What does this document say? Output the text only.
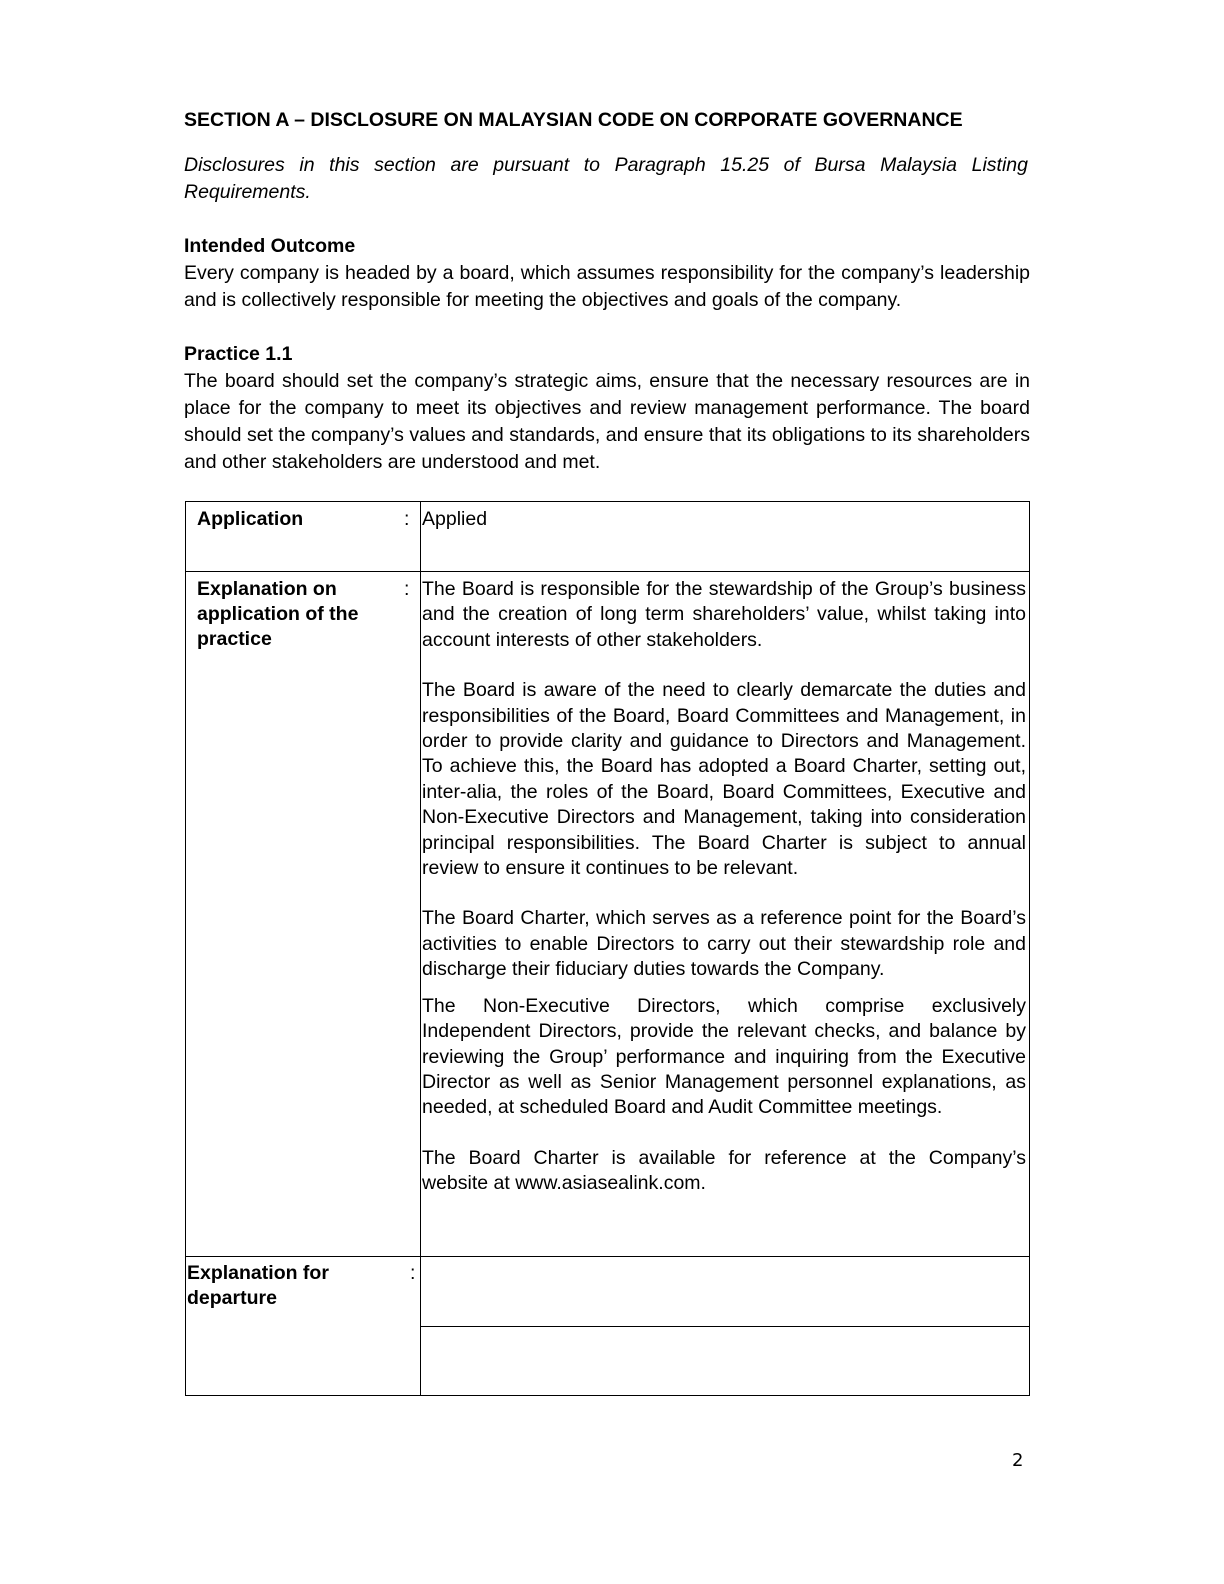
SECTION A – DISCLOSURE ON MALAYSIAN CODE ON CORPORATE GOVERNANCE

Disclosures in this section are pursuant to Paragraph 15.25 of Bursa Malaysia Listing Requirements.

Intended Outcome

Every company is headed by a board, which assumes responsibility for the company’s leadership and is collectively responsible for meeting the objectives and goals of the company.

Practice 1.1

The board should set the company’s strategic aims, ensure that the necessary resources are in place for the company to meet its objectives and review management performance. The board should set the company’s values and standards, and ensure that its obligations to its shareholders and other stakeholders are understood and met.

Application	: Applied
Explanation on application of the practice
: The Board is responsible for the stewardship of the Group’s business and the creation of long term shareholders’ value, whilst taking into account interests of other stakeholders.

The Board is aware of the need to clearly demarcate the duties and responsibilities of the Board, Board Committees and Management, in order to provide clarity and guidance to Directors and Management. To achieve this, the Board has adopted a Board Charter, setting out, inter-alia, the roles of the Board, Board Committees, Executive and Non-Executive Directors and Management, taking into consideration principal responsibilities. The Board Charter is subject to annual review to ensure it continues to be relevant.

The Board Charter, which serves as a reference point for the Board’s activities to enable Directors to carry out their stewardship role and discharge their fiduciary duties towards the Company.

The Non-Executive Directors, which comprise exclusively Independent Directors, provide the relevant checks, and balance by reviewing the Group’ performance and inquiring from the Executive Director as well as Senior Management personnel explanations, as needed, at scheduled Board and Audit Committee meetings.

The Board Charter is available for reference at the Company’s website at www.asiasealink.com.

Explanation for departure
:
2
